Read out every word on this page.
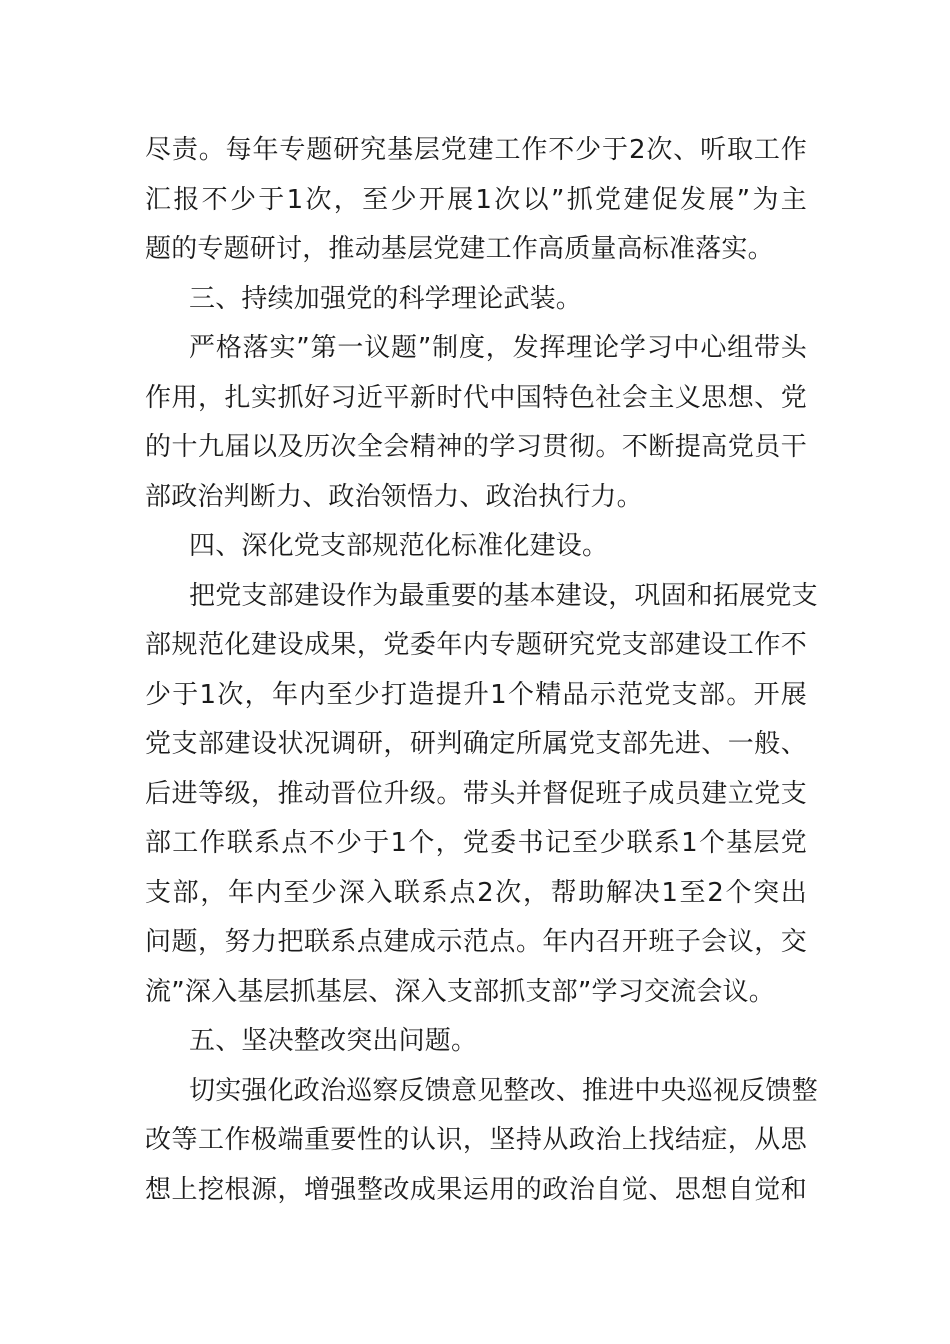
尽责。每年专题研究基层党建工作不少于2次、听取工作
汇报不少于1次，至少开展1次以”抓党建促发展”为主
题的专题研讨，推动基层党建工作高质量高标准落实。
三、持续加强党的科学理论武装。
严格落实”第一议题”制度，发挥理论学习中心组带头
作用，扎实抓好习近平新时代中国特色社会主义思想、党
的十九届以及历次全会精神的学习贯彻。不断提高党员干
部政治判断力、政治领悟力、政治执行力。
四、深化党支部规范化标准化建设。
把党支部建设作为最重要的基本建设，巩固和拓展党支
部规范化建设成果，党委年内专题研究党支部建设工作不
少于1次，年内至少打造提升1个精品示范党支部。开展
党支部建设状况调研，研判确定所属党支部先进、一般、
后进等级，推动晋位升级。带头并督促班子成员建立党支
部工作联系点不少于1个，党委书记至少联系1个基层党
支部，年内至少深入联系点2次，帮助解决1至2个突出
问题，努力把联系点建成示范点。年内召开班子会议，交
流”深入基层抓基层、深入支部抓支部”学习交流会议。
五、坚决整改突出问题。
切实强化政治巡察反馈意见整改、推进中央巡视反馈整
改等工作极端重要性的认识，坚持从政治上找结症，从思
想上挖根源，增强整改成果运用的政治自觉、思想自觉和
